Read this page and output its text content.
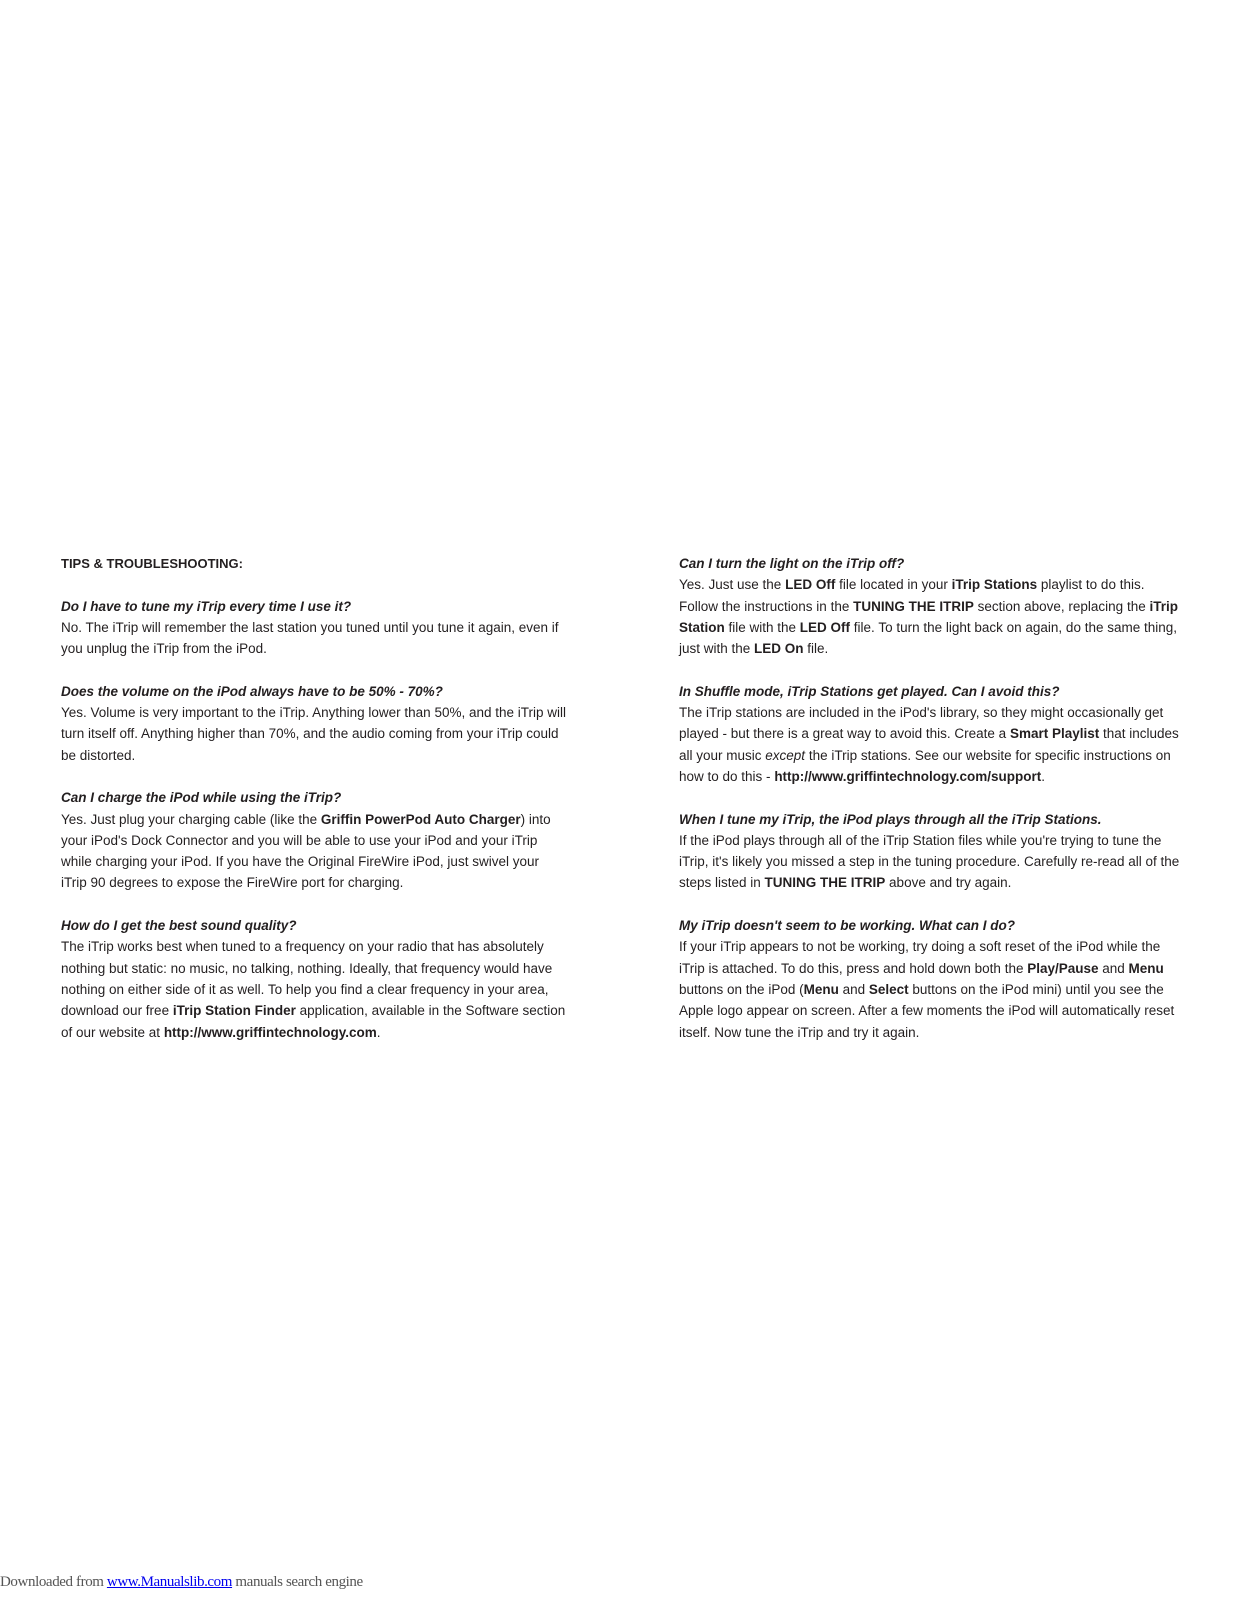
TIPS & TROUBLESHOOTING:

Do I have to tune my iTrip every time I use it?

No. The iTrip will remember the last station you tuned until you tune it again, even if you unplug the iTrip from the iPod.

Does the volume on the iPod always have to be 50% - 70%?

Yes. Volume is very important to the iTrip. Anything lower than 50%, and the iTrip will turn itself off. Anything higher than 70%, and the audio coming from your iTrip could be distorted.

Can I charge the iPod while using the iTrip?

Yes. Just plug your charging cable (like the Griffin PowerPod Auto Charger) into your iPod's Dock Connector and you will be able to use your iPod and your iTrip while charging your iPod. If you have the Original FireWire iPod, just swivel your iTrip 90 degrees to expose the FireWire port for charging.

How do I get the best sound quality?

The iTrip works best when tuned to a frequency on your radio that has absolutely nothing but static: no music, no talking, nothing. Ideally, that frequency would have nothing on either side of it as well. To help you find a clear frequency in your area, download our free iTrip Station Finder application, available in the Software section of our website at http://www.griffintechnology.com.

Can I turn the light on the iTrip off?

Yes. Just use the LED Off file located in your iTrip Stations playlist to do this. Follow the instructions in the TUNING THE ITRIP section above, replacing the iTrip Station file with the LED Off file. To turn the light back on again, do the same thing, just with the LED On file.

In Shuffle mode, iTrip Stations get played. Can I avoid this?

The iTrip stations are included in the iPod's library, so they might occasionally get played - but there is a great way to avoid this. Create a Smart Playlist that includes all your music except the iTrip stations. See our website for specific instructions on how to do this - http://www.griffintechnology.com/support.

When I tune my iTrip, the iPod plays through all the iTrip Stations.

If the iPod plays through all of the iTrip Station files while you're trying to tune the iTrip, it's likely you missed a step in the tuning procedure. Carefully re-read all of the steps listed in TUNING THE ITRIP above and try again.

My iTrip doesn't seem to be working. What can I do?

If your iTrip appears to not be working, try doing a soft reset of the iPod while the iTrip is attached. To do this, press and hold down both the Play/Pause and Menu buttons on the iPod (Menu and Select buttons on the iPod mini) until you see the Apple logo appear on screen. After a few moments the iPod will automatically reset itself. Now tune the iTrip and try it again.

Downloaded from www.Manualslib.com manuals search engine
